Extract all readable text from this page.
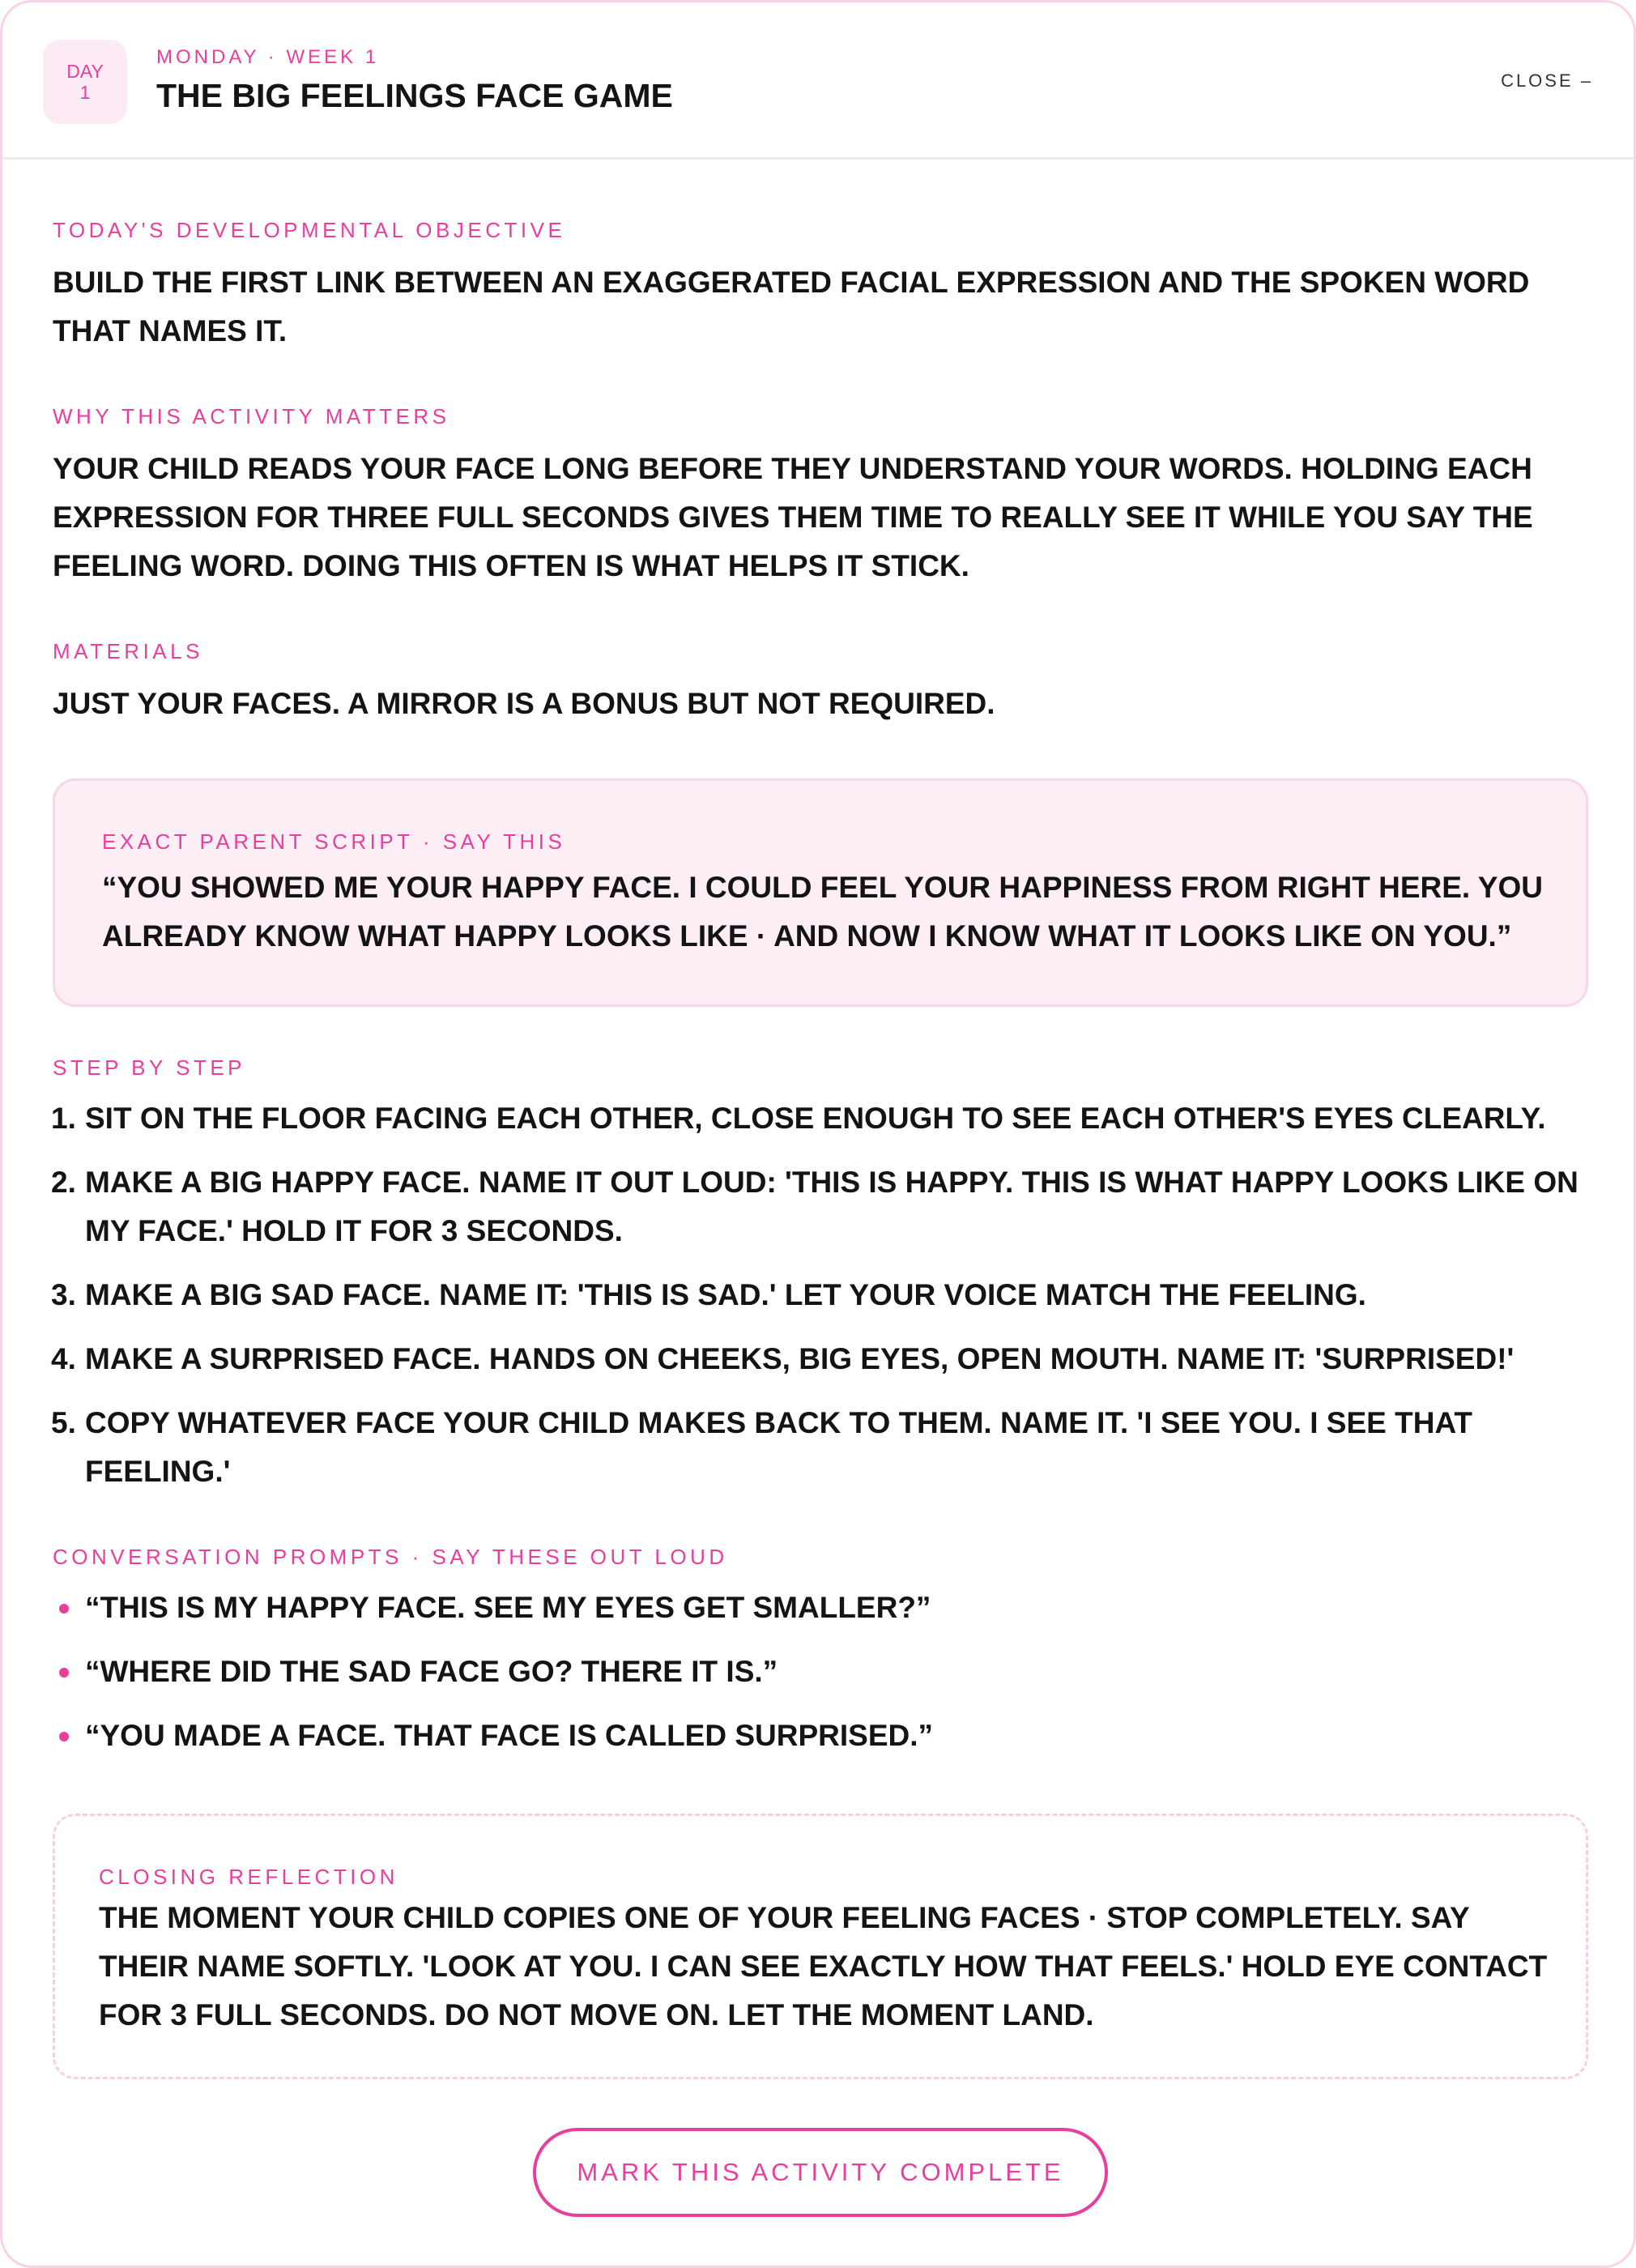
DAY
1
MONDAY · WEEK 1
THE BIG FEELINGS FACE GAME	CLOSE –
TODAY'S DEVELOPMENTAL OBJECTIVE
BUILD THE FIRST LINK BETWEEN AN EXAGGERATED FACIAL EXPRESSION AND THE SPOKEN WORD THAT NAMES IT.
WHY THIS ACTIVITY MATTERS
YOUR CHILD READS YOUR FACE LONG BEFORE THEY UNDERSTAND YOUR WORDS. HOLDING EACH EXPRESSION FOR THREE FULL SECONDS GIVES THEM TIME TO REALLY SEE IT WHILE YOU SAY THE FEELING WORD. DOING THIS OFTEN IS WHAT HELPS IT STICK.
MATERIALS
JUST YOUR FACES. A MIRROR IS A BONUS BUT NOT REQUIRED.
EXACT PARENT SCRIPT · SAY THIS
“YOU SHOWED ME YOUR HAPPY FACE. I COULD FEEL YOUR HAPPINESS FROM RIGHT HERE. YOU ALREADY KNOW WHAT HAPPY LOOKS LIKE · AND NOW I KNOW WHAT IT LOOKS LIKE ON YOU.”
STEP BY STEP
1. SIT ON THE FLOOR FACING EACH OTHER, CLOSE ENOUGH TO SEE EACH OTHER'S EYES CLEARLY.
2. MAKE A BIG HAPPY FACE. NAME IT OUT LOUD: 'THIS IS HAPPY. THIS IS WHAT HAPPY LOOKS LIKE ON MY FACE.' HOLD IT FOR 3 SECONDS.
3. MAKE A BIG SAD FACE. NAME IT: 'THIS IS SAD.' LET YOUR VOICE MATCH THE FEELING.
4. MAKE A SURPRISED FACE. HANDS ON CHEEKS, BIG EYES, OPEN MOUTH. NAME IT: 'SURPRISED!'
5. COPY WHATEVER FACE YOUR CHILD MAKES BACK TO THEM. NAME IT. 'I SEE YOU. I SEE THAT FEELING.'
CONVERSATION PROMPTS · SAY THESE OUT LOUD
“THIS IS MY HAPPY FACE. SEE MY EYES GET SMALLER?”
“WHERE DID THE SAD FACE GO? THERE IT IS.”
“YOU MADE A FACE. THAT FACE IS CALLED SURPRISED.”
CLOSING REFLECTION
THE MOMENT YOUR CHILD COPIES ONE OF YOUR FEELING FACES · STOP COMPLETELY. SAY THEIR NAME SOFTLY. 'LOOK AT YOU. I CAN SEE EXACTLY HOW THAT FEELS.' HOLD EYE CONTACT FOR 3 FULL SECONDS. DO NOT MOVE ON. LET THE MOMENT LAND.
MARK THIS ACTIVITY COMPLETE
